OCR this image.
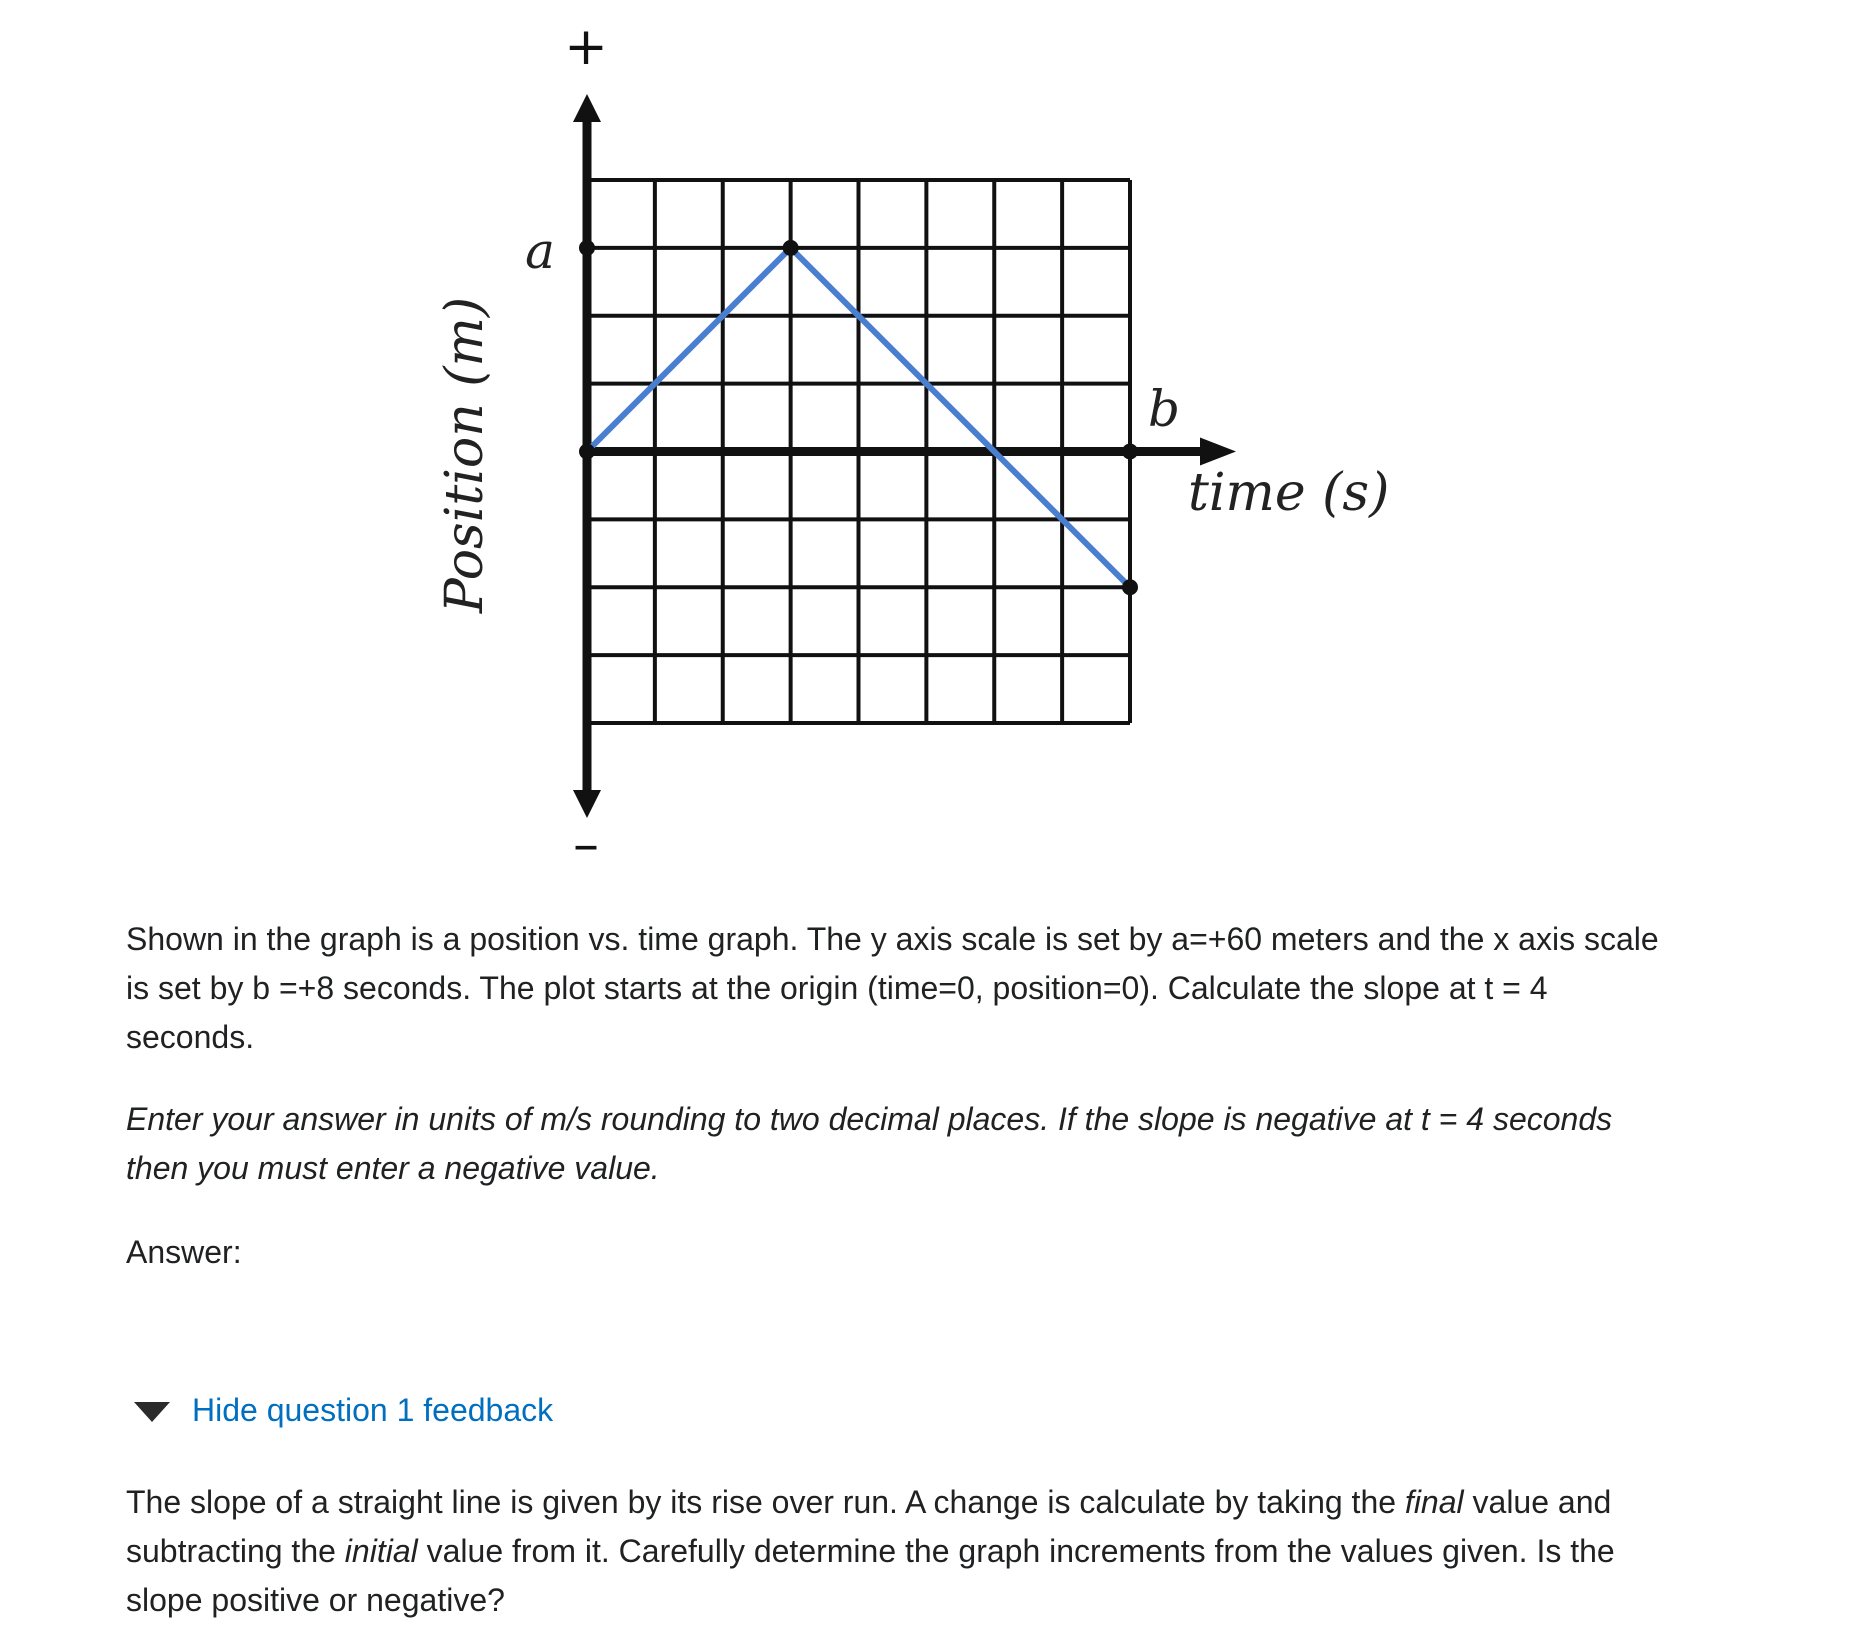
+
–
a
b
time (s)
Position (m)

Shown in the graph is a position vs. time graph. The y axis scale is set by a=+60 meters and the x axis scale
is set by b =+8 seconds. The plot starts at the origin (time=0, position=0). Calculate the slope at t = 4
seconds.

Enter your answer in units of m/s rounding to two decimal places. If the slope is negative at t = 4 seconds
then you must enter a negative value.

Answer:

Hide question 1 feedback

The slope of a straight line is given by its rise over run. A change is calculate by taking the final value and
subtracting the initial value from it. Carefully determine the graph increments from the values given. Is the
slope positive or negative?
